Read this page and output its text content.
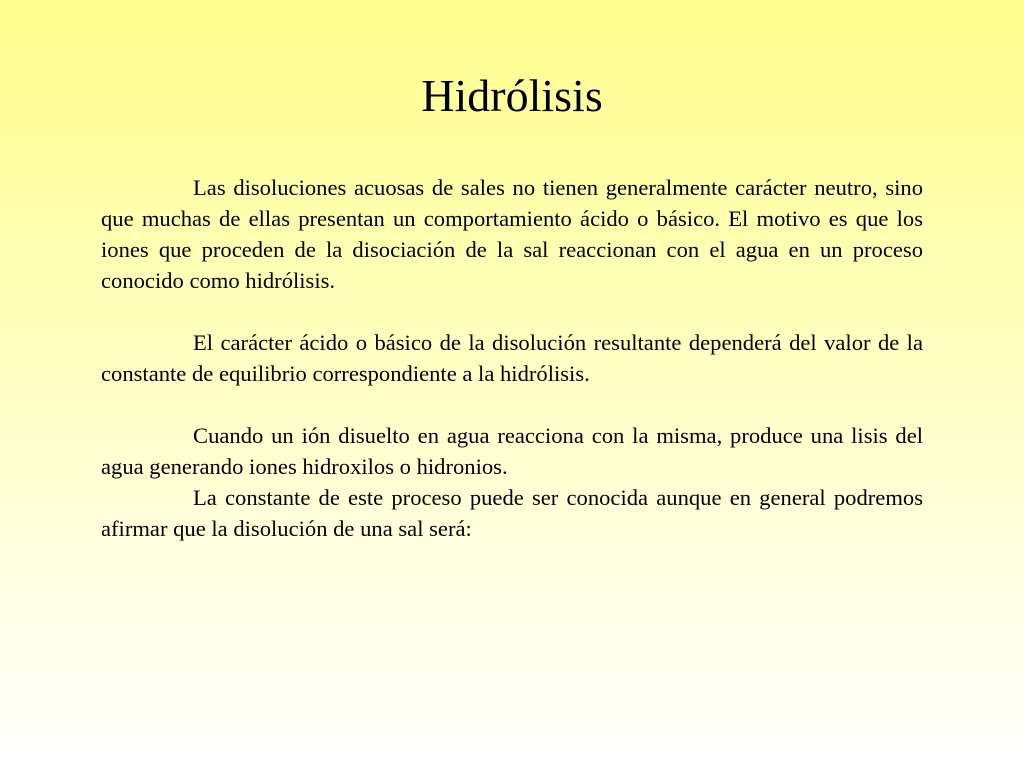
Hidrólisis

Las disoluciones acuosas de sales no tienen generalmente carácter neutro, sino que muchas de ellas presentan un comportamiento ácido o básico. El motivo es que los iones que proceden de la disociación de la sal reaccionan con el agua en un proceso conocido como hidrólisis.

El carácter ácido o básico de la disolución resultante dependerá del valor de la constante de equilibrio correspondiente a la hidrólisis.

Cuando un ión disuelto en agua reacciona con la misma, produce una lisis del agua generando iones hidroxilos o hidronios.

La constante de este proceso puede ser conocida aunque en general podremos afirmar que la disolución de una sal será:
